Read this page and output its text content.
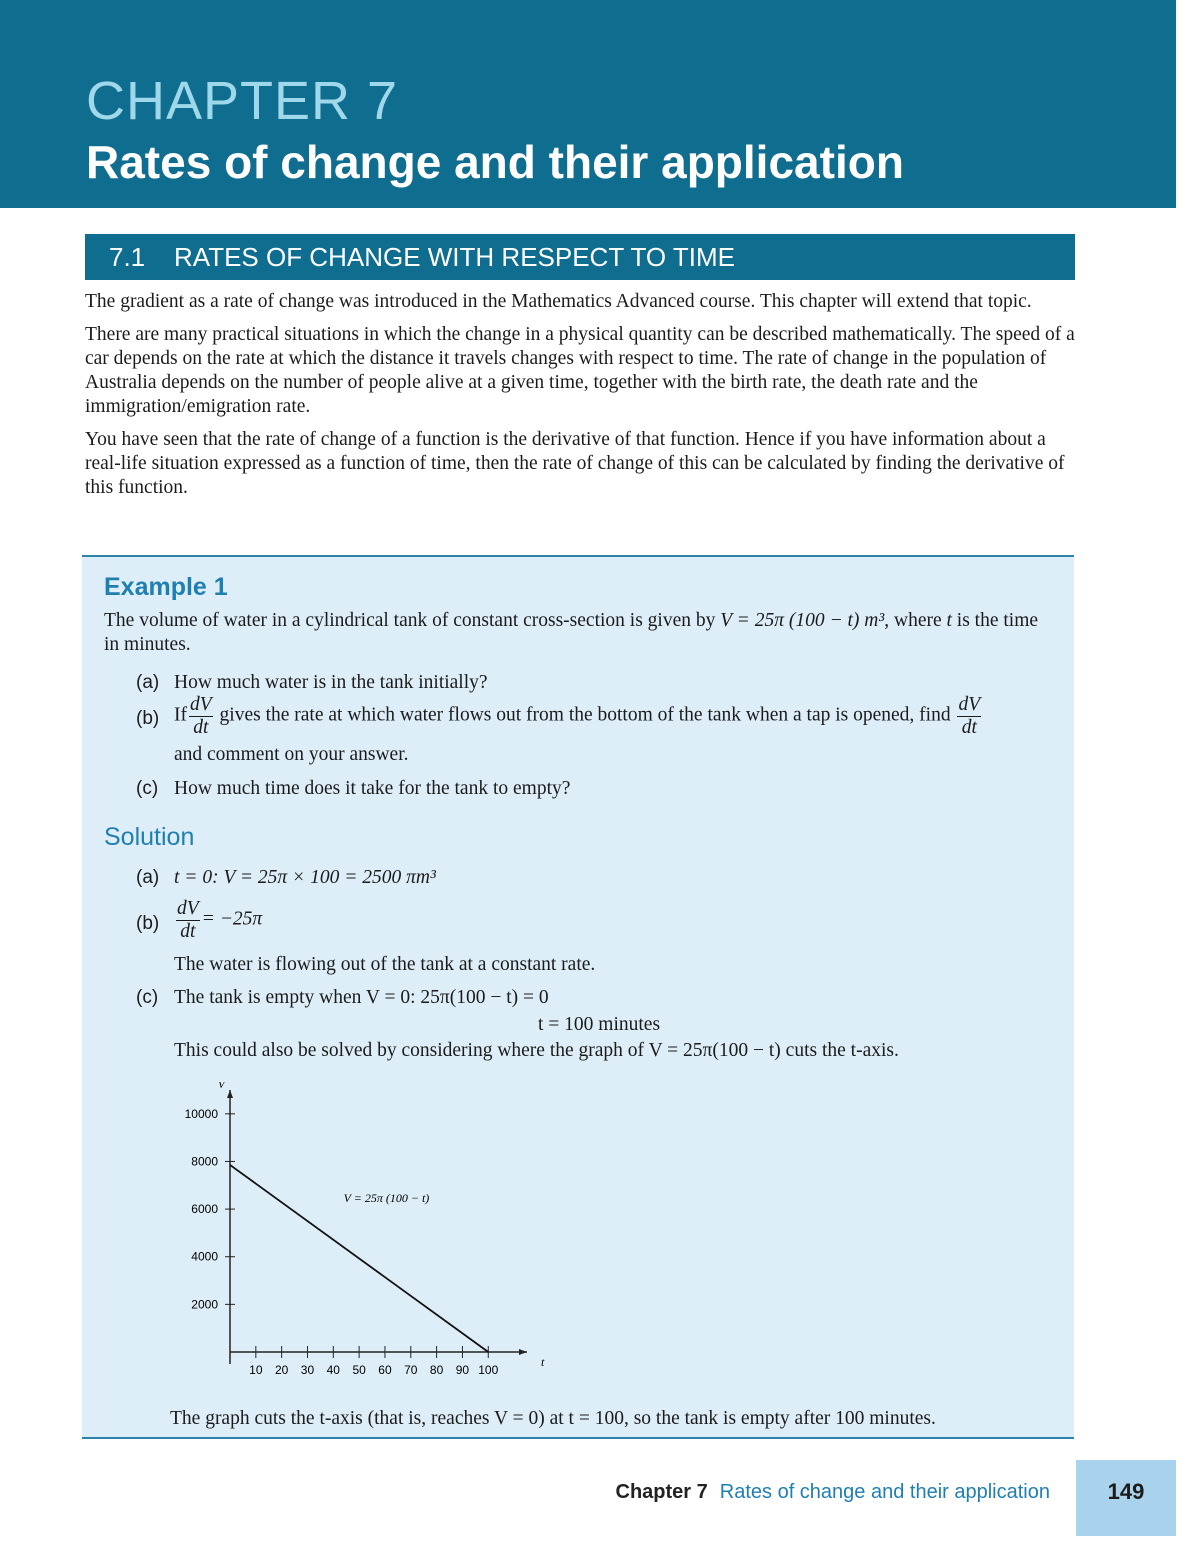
CHAPTER 7
Rates of change and their application
7.1 RATES OF CHANGE WITH RESPECT TO TIME

The gradient as a rate of change was introduced in the Mathematics Advanced course. This chapter will extend that topic.

There are many practical situations in which the change in a physical quantity can be described mathematically. The speed of a car depends on the rate at which the distance it travels changes with respect to time. The rate of change in the population of Australia depends on the number of people alive at a given time, together with the birth rate, the death rate and the immigration/emigration rate.

You have seen that the rate of change of a function is the derivative of that function. Hence if you have information about a real-life situation expressed as a function of time, then the rate of change of this can be calculated by finding the derivative of this function.

Example 1
The volume of water in a cylindrical tank of constant cross-section is given by V = 25π (100 − t) m³, where t is the time in minutes.
(a) How much water is in the tank initially?
(b) If $\frac{dV}{dt}$ gives the rate at which water flows out from the bottom of the tank when a tap is opened, find $\frac{dV}{dt}$
and comment on your answer.
(c) How much time does it take for the tank to empty?
Solution
(a) t = 0: V = 25π × 100 = 2500 πm³
$(b) \frac{dV}{dt} = -25\pi$
The water is flowing out of the tank at a constant rate.
(c) The tank is empty when V = 0: 25π(100 − t) = 0
t = 100 minutes
This could also be solved by considering where the graph of V = 25π(100 − t) cuts the t-axis.
t
V
10 20 30 40 50 60 70 80 90 100
2000
4000
6000
8000
10000
V = 25π (100 − t)
The graph cuts the t-axis (that is, reaches V = 0) at t = 100, so the tank is empty after 100 minutes.
Chapter 7 Rates of change and their application	149
